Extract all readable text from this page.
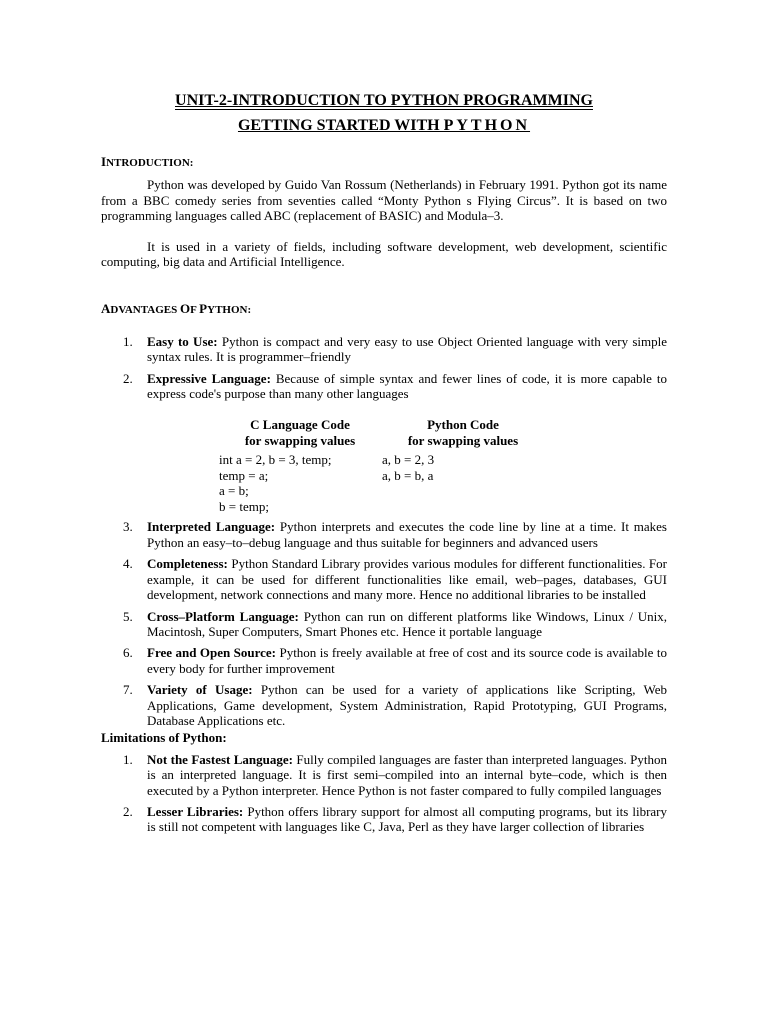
UNIT-2-INTRODUCTION TO PYTHON PROGRAMMING
GETTING STARTED WITH PYTHON
INTRODUCTION:

Python was developed by Guido Van Rossum (Netherlands) in February 1991. Python got its name from a BBC comedy series from seventies called “Monty Python s Flying Circus”. It is based on two programming languages called ABC (replacement of BASIC) and Modula–3.

It is used in a variety of fields, including software development, web development, scientific computing, big data and Artificial Intelligence.

ADVANTAGES OF PYTHON:
1. Easy to Use: Python is compact and very easy to use Object Oriented language with very simple syntax rules. It is programmer–friendly
2. Expressive Language: Because of simple syntax and fewer lines of code, it is more capable to express code's purpose than many other languages
C Language Code
for swapping values
int a = 2, b = 3, temp;
temp = a;
a = b;
b = temp;
Python Code
for swapping values
a, b = 2, 3
a, b = b, a
3. Interpreted Language: Python interprets and executes the code line by line at a time. It makes Python an easy–to–debug language and thus suitable for beginners and advanced users
4. Completeness: Python Standard Library provides various modules for different functionalities. For example, it can be used for different functionalities like email, web–pages, databases, GUI development, network connections and many more. Hence no additional libraries to be installed
5. Cross–Platform Language: Python can run on different platforms like Windows, Linux / Unix, Macintosh, Super Computers, Smart Phones etc. Hence it portable language
6. Free and Open Source: Python is freely available at free of cost and its source code is available to every body for further improvement
7. Variety of Usage: Python can be used for a variety of applications like Scripting, Web Applications, Game development, System Administration, Rapid Prototyping, GUI Programs, Database Applications etc.
Limitations of Python:
1. Not the Fastest Language: Fully compiled languages are faster than interpreted languages. Python is an interpreted language. It is first semi–compiled into an internal byte–code, which is then executed by a Python interpreter. Hence Python is not faster compared to fully compiled languages
2. Lesser Libraries: Python offers library support for almost all computing programs, but its library is still not competent with languages like C, Java, Perl as they have larger collection of libraries
